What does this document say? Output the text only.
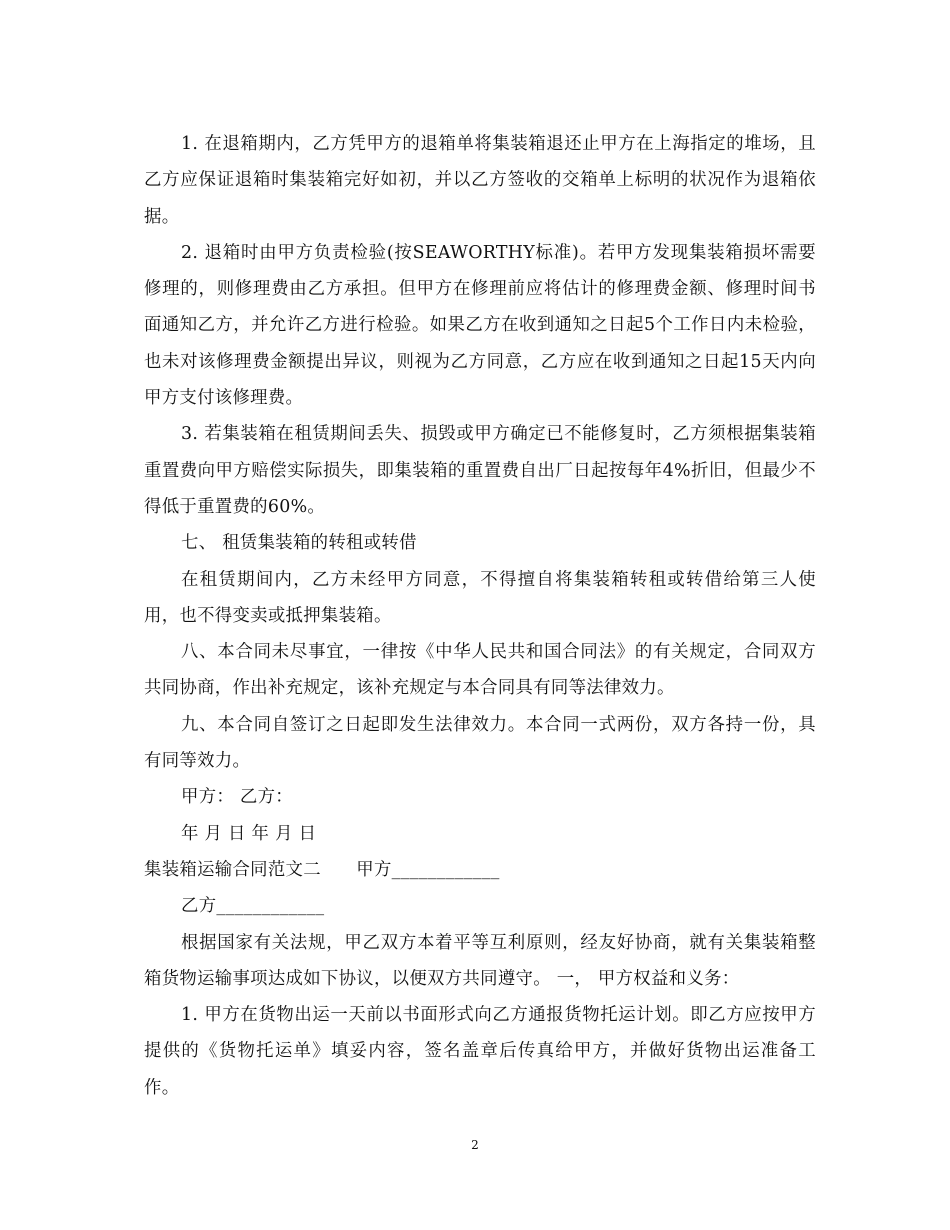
1. 在退箱期内，乙方凭甲方的退箱单将集装箱退还止甲方在上海指定的堆场，且乙方应保证退箱时集装箱完好如初，并以乙方签收的交箱单上标明的状况作为退箱依据。

2. 退箱时由甲方负责检验(按SEAWORTHY标准)。若甲方发现集装箱损坏需要修理的，则修理费由乙方承担。但甲方在修理前应将估计的修理费金额、修理时间书面通知乙方，并允许乙方进行检验。如果乙方在收到通知之日起5个工作日内未检验，也未对该修理费金额提出异议，则视为乙方同意，乙方应在收到通知之日起15天内向甲方支付该修理费。

3. 若集装箱在租赁期间丢失、损毁或甲方确定已不能修复时，乙方须根据集装箱重置费向甲方赔偿实际损失，即集装箱的重置费自出厂日起按每年4%折旧，但最少不得低于重置费的60%。

七、 租赁集装箱的转租或转借

在租赁期间内，乙方未经甲方同意，不得擅自将集装箱转租或转借给第三人使用，也不得变卖或抵押集装箱。

八、本合同未尽事宜，一律按《中华人民共和国合同法》的有关规定，合同双方共同协商，作出补充规定，该补充规定与本合同具有同等法律效力。

九、本合同自签订之日起即发生法律效力。本合同一式两份，双方各持一份，具有同等效力。

甲方： 乙方：

年 月 日 年 月 日

集装箱运输合同范文二　　甲方____________

乙方____________

根据国家有关法规，甲乙双方本着平等互利原则，经友好协商，就有关集装箱整箱货物运输事项达成如下协议，以便双方共同遵守。 一， 甲方权益和义务：

1. 甲方在货物出运一天前以书面形式向乙方通报货物托运计划。即乙方应按甲方提供的《货物托运单》填妥内容，签名盖章后传真给甲方，并做好货物出运准备工作。

2
